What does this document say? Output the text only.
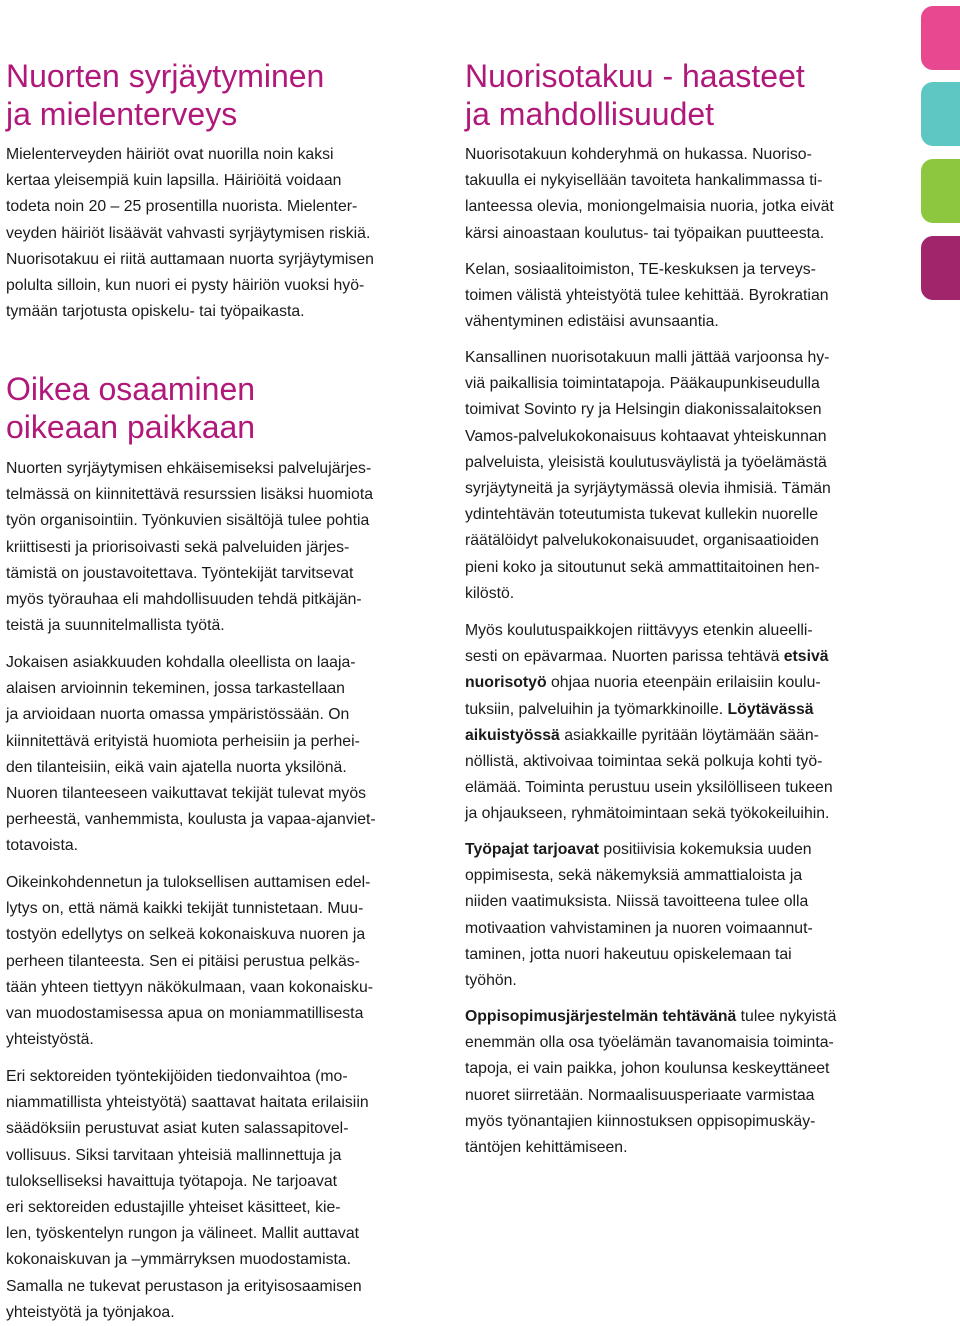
Nuorten syrjäytyminen
ja mielenterveys
Mielenterveyden häiriöt ovat nuorilla noin kaksi
kertaa yleisempiä kuin lapsilla. Häiriöitä voidaan
todeta noin 20 – 25 prosentilla nuorista. Mielenter-
veyden häiriöt lisäävät vahvasti syrjäytymisen riskiä.
Nuorisotakuu ei riitä auttamaan nuorta syrjäytymisen
polulta silloin, kun nuori ei pysty häiriön vuoksi hyö-
tymään tarjotusta opiskelu- tai työpaikasta.
Oikea osaaminen
oikeaan paikkaan
Nuorten syrjäytymisen ehkäisemiseksi palvelujärjes-
telmässä on kiinnitettävä resurssien lisäksi huomiota
työn organisointiin. Työnkuvien sisältöjä tulee pohtia
kriittisesti ja priorisoivasti sekä palveluiden järjes-
tämistä on joustavoitettava. Työntekijät tarvitsevat
myös työrauhaa eli mahdollisuuden tehdä pitkäjän-
teistä ja suunnitelmallista työtä.
Jokaisen asiakkuuden kohdalla oleellista on laaja-
alaisen arvioinnin tekeminen, jossa tarkastellaan
ja arvioidaan nuorta omassa ympäristössään. On
kiinnitettävä erityistä huomiota perheisiin ja perhei-
den tilanteisiin, eikä vain ajatella nuorta yksilönä.
Nuoren tilanteeseen vaikuttavat tekijät tulevat myös
perheestä, vanhemmista, koulusta ja vapaa-ajanviet-
totavoista.
Oikeinkohdennetun ja tuloksellisen auttamisen edel-
lytys on, että nämä kaikki tekijät tunnistetaan. Muu-
tostyön edellytys on selkeä kokonaiskuva nuoren ja
perheen tilanteesta. Sen ei pitäisi perustua pelkäs-
tään yhteen tiettyyn näkökulmaan, vaan kokonaisku-
van muodostamisessa apua on moniammatillisesta
yhteistyöstä.
Eri sektoreiden työntekijöiden tiedonvaihtoa (mo-
niammatillista yhteistyötä) saattavat haitata erilaisiin
säädöksiin perustuvat asiat kuten salassapitovel-
vollisuus. Siksi tarvitaan yhteisiä mallinnettuja ja
tulokselliseksi havaittuja työtapoja. Ne tarjoavat
eri sektoreiden edustajille yhteiset käsitteet, kie-
len, työskentelyn rungon ja välineet. Mallit auttavat
kokonaiskuvan ja –ymmärryksen muodostamista.
Samalla ne tukevat perustason ja erityisosaamisen
yhteistyötä ja työnjakoa.
Nuorisotakuu - haasteet
ja mahdollisuudet
Nuorisotakuun kohderyhmä on hukassa. Nuoriso-
takuulla ei nykyisellään tavoiteta hankalimmassa ti-
lanteessa olevia, moniongelmaisia nuoria, jotka eivät
kärsi ainoastaan koulutus- tai työpaikan puutteesta.
Kelan, sosiaalitoimiston, TE-keskuksen ja terveys-
toimen välistä yhteistyötä tulee kehittää. Byrokratian
vähentyminen edistäisi avunsaantia.
Kansallinen nuorisotakuun malli jättää varjoonsa hy-
viä paikallisia toimintatapoja. Pääkaupunkiseudulla
toimivat Sovinto ry ja Helsingin diakonissalaitoksen
Vamos-palvelukokonaisuus kohtaavat yhteiskunnan
palveluista, yleisistä koulutusväylistä ja työelämästä
syrjäytyneitä ja syrjäytymässä olevia ihmisiä. Tämän
ydintehtävän toteutumista tukevat kullekin nuorelle
räätälöidyt palvelukokonaisuudet, organisaatioiden
pieni koko ja sitoutunut sekä ammattitaitoinen hen-
kilöstö.
Myös koulutuspaikkojen riittävyys etenkin alueelli-
sesti on epävarmaa. Nuorten parissa tehtävä etsivä
nuorisotyö ohjaa nuoria eteenpäin erilaisiin koulu-
tuksiin, palveluihin ja työmarkkinoille. Löytävässä
aikuistyössä asiakkaille pyritään löytämään sään-
nöllistä, aktivoivaa toimintaa sekä polkuja kohti työ-
elämää. Toiminta perustuu usein yksilölliseen tukeen
ja ohjaukseen, ryhmätoimintaan sekä työkokeiluihin.
Työpajat tarjoavat positiivisia kokemuksia uuden
oppimisesta, sekä näkemyksiä ammattialoista ja
niiden vaatimuksista. Niissä tavoitteena tulee olla
motivaation vahvistaminen ja nuoren voimaannut-
taminen, jotta nuori hakeutuu opiskelemaan tai
työhön.
Oppisopimusjärjestelmän tehtävänä tulee nykyistä
enemmän olla osa työelämän tavanomaisia toiminta-
tapoja, ei vain paikka, johon koulunsa keskeyttäneet
nuoret siirretään. Normaalisuusperiaate varmistaa
myös työnantajien kiinnostuksen oppisopimuskäy-
täntöjen kehittämiseen.
